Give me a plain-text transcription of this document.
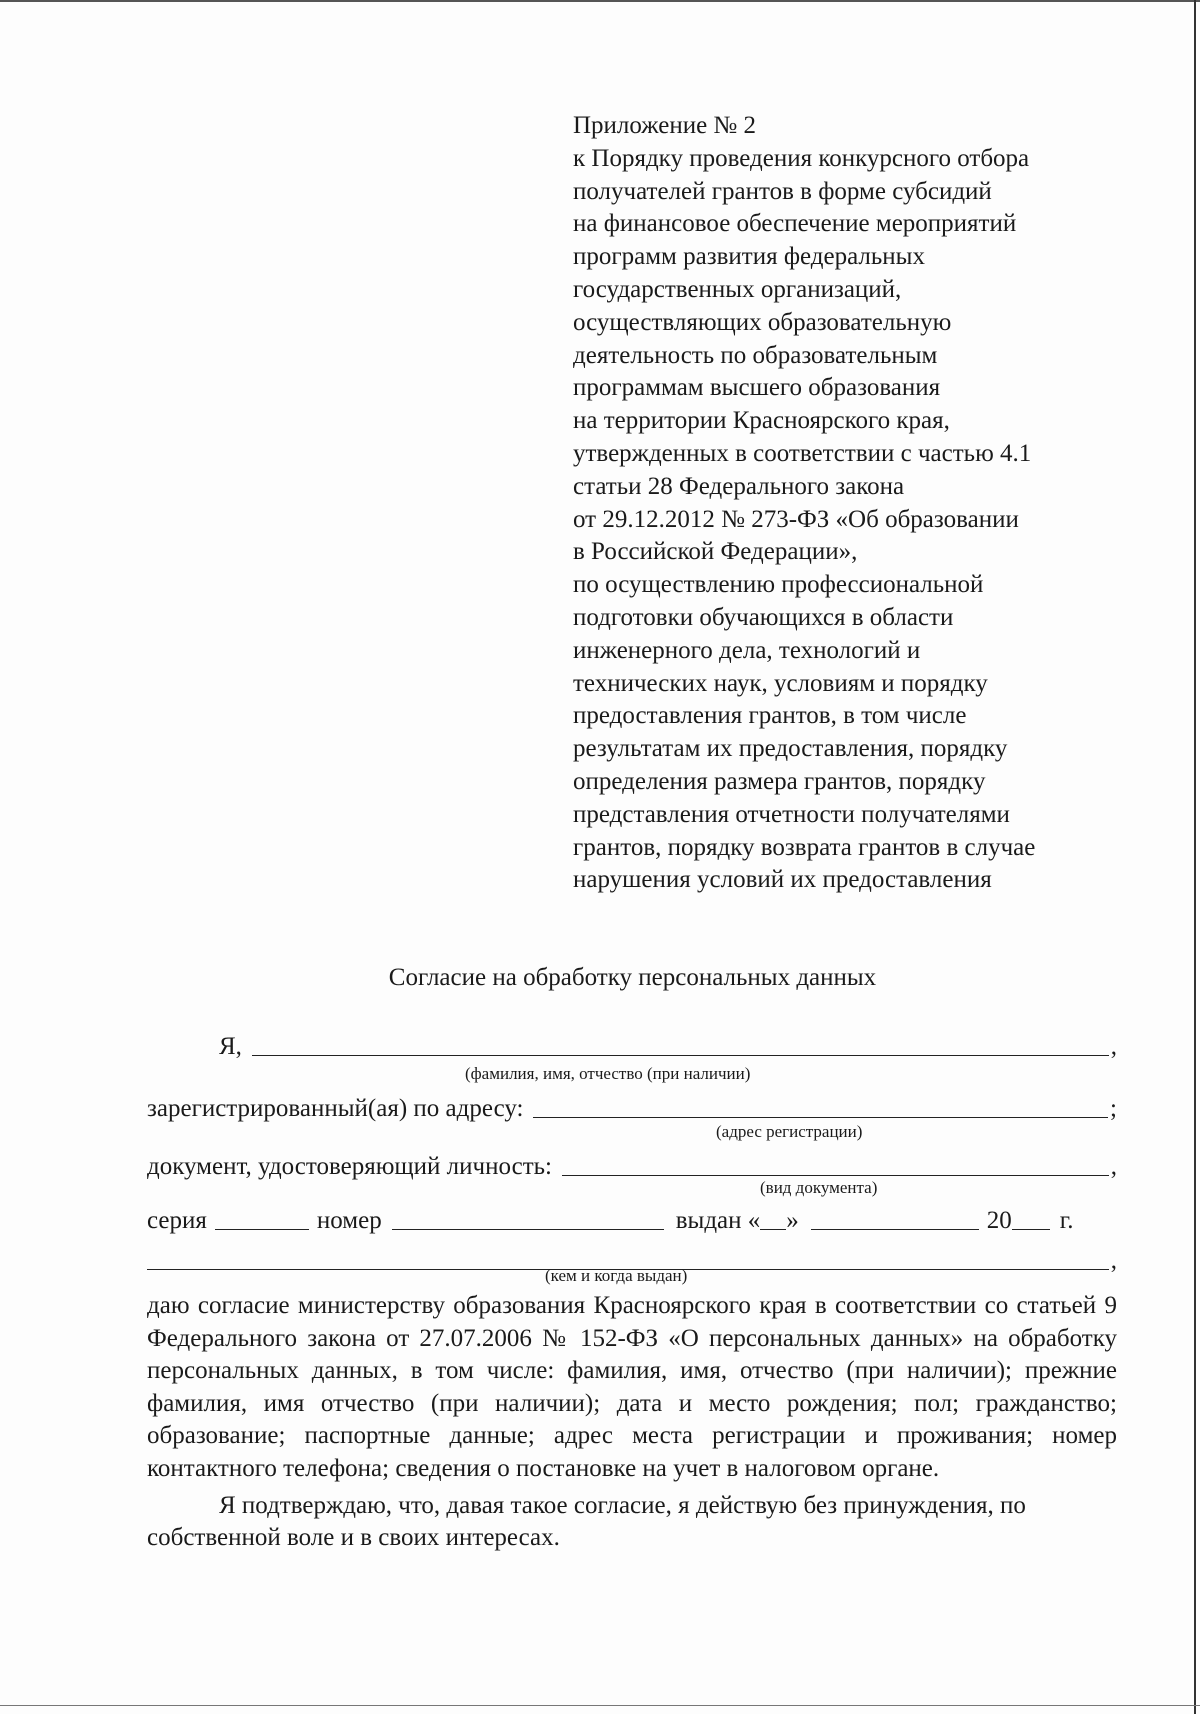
Приложение № 2
к Порядку проведения конкурсного отбора
получателей грантов в форме субсидий
на финансовое обеспечение мероприятий
программ развития федеральных
государственных организаций,
осуществляющих образовательную
деятельность по образовательным
программам высшего образования
на территории Красноярского края,
утвержденных в соответствии с частью 4.1
статьи 28 Федерального закона
от 29.12.2012 № 273-ФЗ «Об образовании
в Российской Федерации»,
по осуществлению профессиональной
подготовки обучающихся в области
инженерного дела, технологий и
технических наук, условиям и порядку
предоставления грантов, в том числе
результатам их предоставления, порядку
определения размера грантов, порядку
представления отчетности получателями
грантов, порядку возврата грантов в случае
нарушения условий их предоставления
Согласие на обработку персональных данных
Я,	,
(фамилия, имя, отчество (при наличии)
зарегистрированный(ая) по адресу:	;
(адрес регистрации)
документ, удостоверяющий личность:	,
(вид документа)
серия	номер	выдан « »	20 г.
,
(кем и когда выдан)

даю согласие министерству образования Красноярского края в соответствии со статьей 9 Федерального закона от 27.07.2006 № 152-ФЗ «О персональных данных» на обработку персональных данных, в том числе: фамилия, имя, отчество (при наличии); прежние фамилия, имя отчество (при наличии); дата и место рождения; пол; гражданство; образование; паспортные данные; адрес места регистрации и проживания; номер контактного телефона; сведения о постановке на учет в налоговом органе.

Я подтверждаю, что, давая такое согласие, я действую без принуждения, по собственной воле и в своих интересах.
